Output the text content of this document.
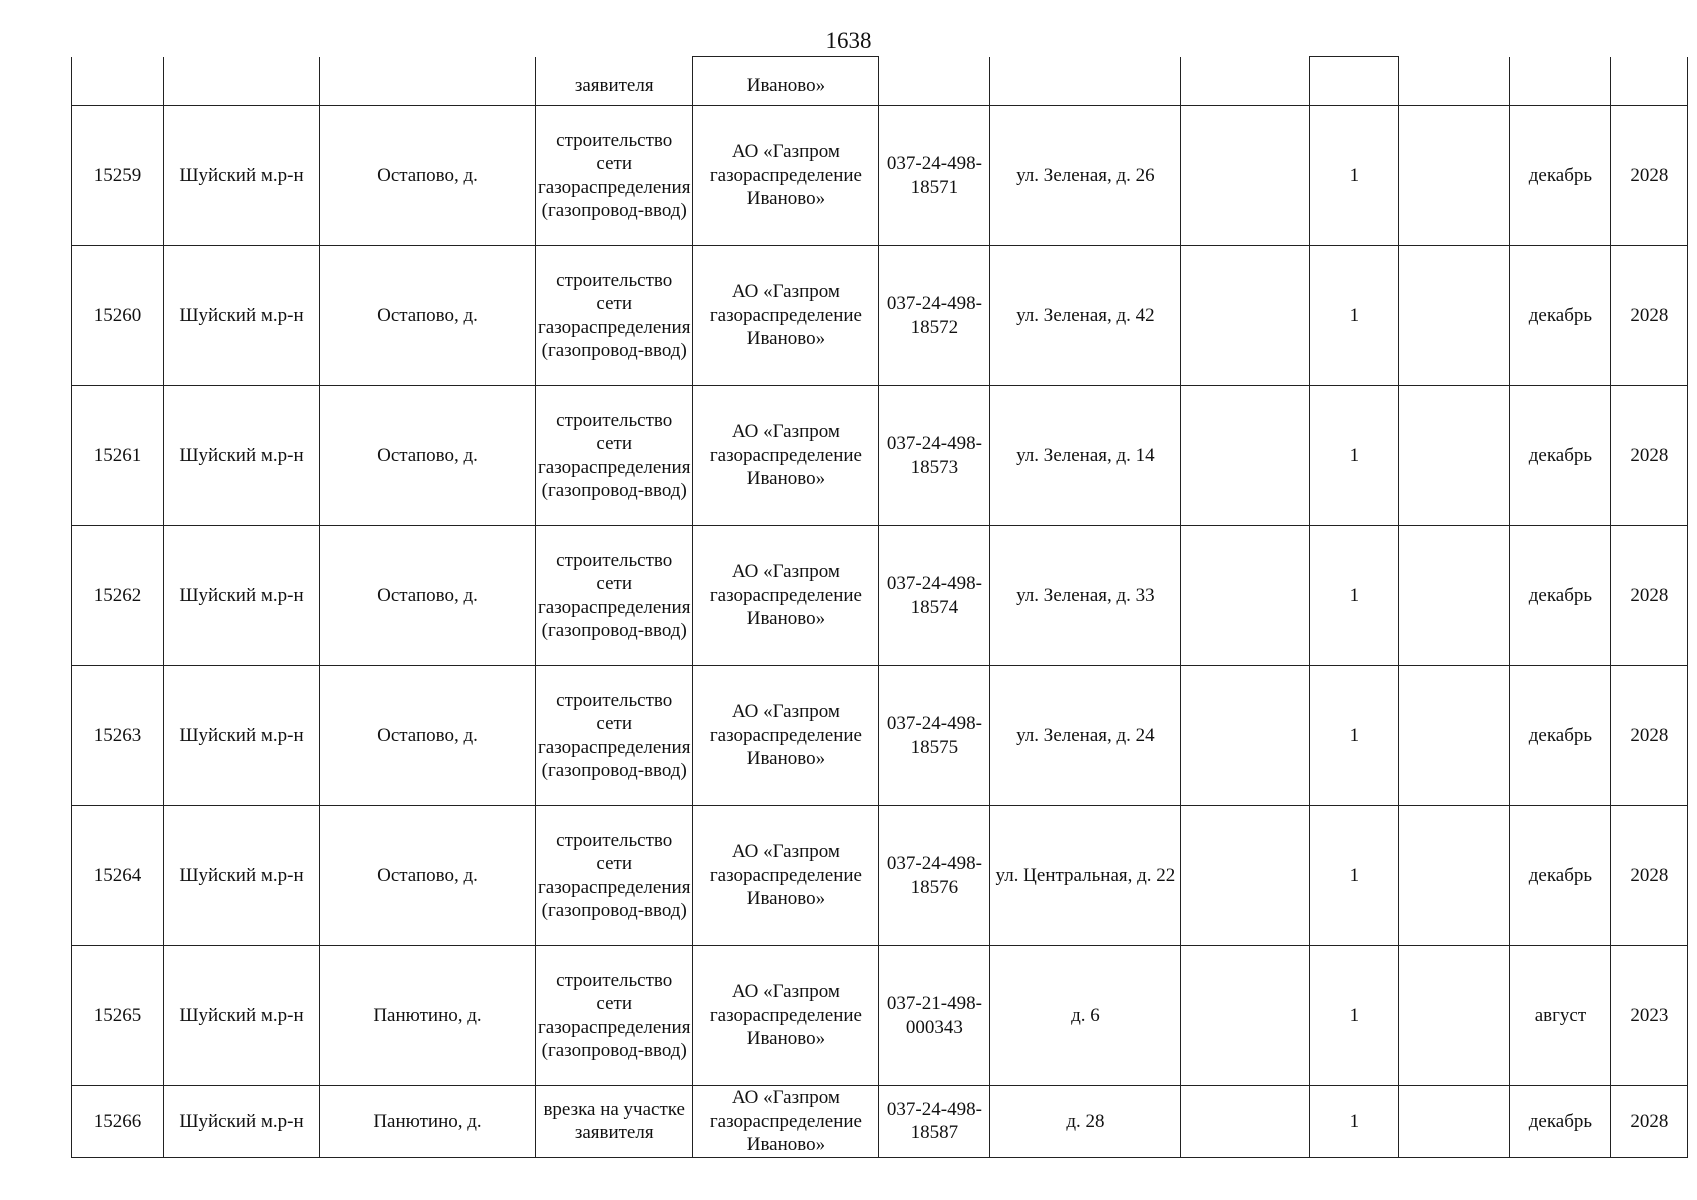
1638
			заявителя	Иваново»							
15259	Шуйский м.р-н	Остапово, д.	строительство сети газораспределения (газопровод-ввод)	АО «Газпром газораспределение Иваново»	037-24-498-18571	ул. Зеленая, д. 26		1		декабрь	2028
15260	Шуйский м.р-н	Остапово, д.	строительство сети газораспределения (газопровод-ввод)	АО «Газпром газораспределение Иваново»	037-24-498-18572	ул. Зеленая, д. 42		1		декабрь	2028
15261	Шуйский м.р-н	Остапово, д.	строительство сети газораспределения (газопровод-ввод)	АО «Газпром газораспределение Иваново»	037-24-498-18573	ул. Зеленая, д. 14		1		декабрь	2028
15262	Шуйский м.р-н	Остапово, д.	строительство сети газораспределения (газопровод-ввод)	АО «Газпром газораспределение Иваново»	037-24-498-18574	ул. Зеленая, д. 33		1		декабрь	2028
15263	Шуйский м.р-н	Остапово, д.	строительство сети газораспределения (газопровод-ввод)	АО «Газпром газораспределение Иваново»	037-24-498-18575	ул. Зеленая, д. 24		1		декабрь	2028
15264	Шуйский м.р-н	Остапово, д.	строительство сети газораспределения (газопровод-ввод)	АО «Газпром газораспределение Иваново»	037-24-498-18576	ул. Центральная, д. 22		1		декабрь	2028
15265	Шуйский м.р-н	Панютино, д.	строительство сети газораспределения (газопровод-ввод)	АО «Газпром газораспределение Иваново»	037-21-498-000343	д. 6		1		август	2023
15266	Шуйский м.р-н	Панютино, д.	врезка на участке заявителя	АО «Газпром газораспределение Иваново»	037-24-498-18587	д. 28		1		декабрь	2028
